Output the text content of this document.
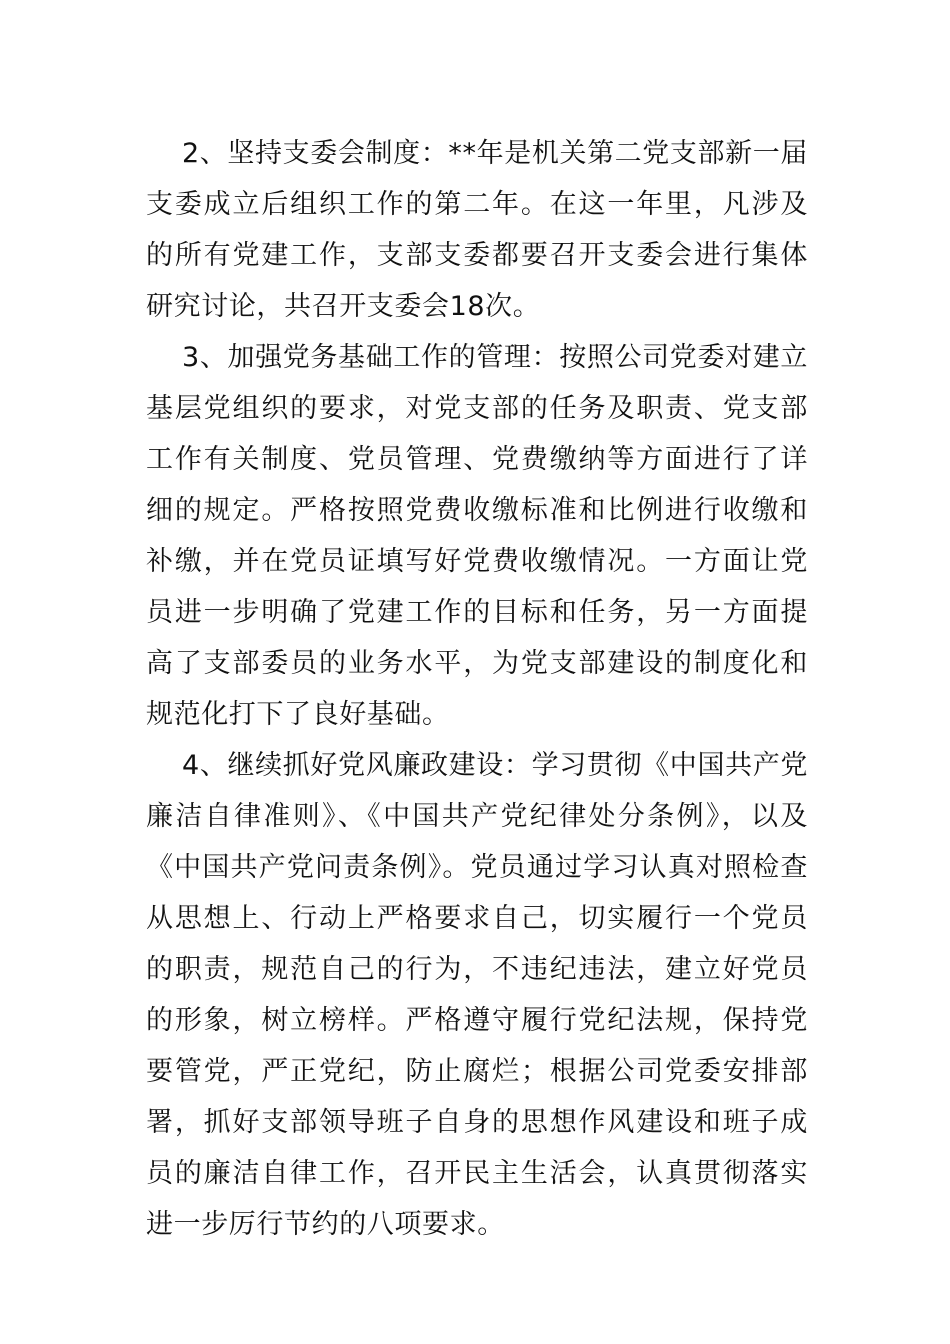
2、坚持支委会制度：**年是机关第二党支部新一届支委成立后组织工作的第二年。在这一年里，凡涉及的所有党建工作，支部支委都要召开支委会进行集体研究讨论，共召开支委会18次。

3、加强党务基础工作的管理：按照公司党委对建立基层党组织的要求，对党支部的任务及职责、党支部工作有关制度、党员管理、党费缴纳等方面进行了详细的规定。严格按照党费收缴标准和比例进行收缴和补缴，并在党员证填写好党费收缴情况。一方面让党员进一步明确了党建工作的目标和任务，另一方面提高了支部委员的业务水平，为党支部建设的制度化和规范化打下了良好基础。

4、继续抓好党风廉政建设：学习贯彻《中国共产党廉洁自律准则》、《中国共产党纪律处分条例》，以及《中国共产党问责条例》。党员通过学习认真对照检查从思想上、行动上严格要求自己，切实履行一个党员的职责，规范自己的行为，不违纪违法，建立好党员的形象，树立榜样。严格遵守履行党纪法规，保持党要管党，严正党纪，防止腐烂；根据公司党委安排部署，抓好支部领导班子自身的思想作风建设和班子成员的廉洁自律工作，召开民主生活会，认真贯彻落实进一步厉行节约的八项要求。
